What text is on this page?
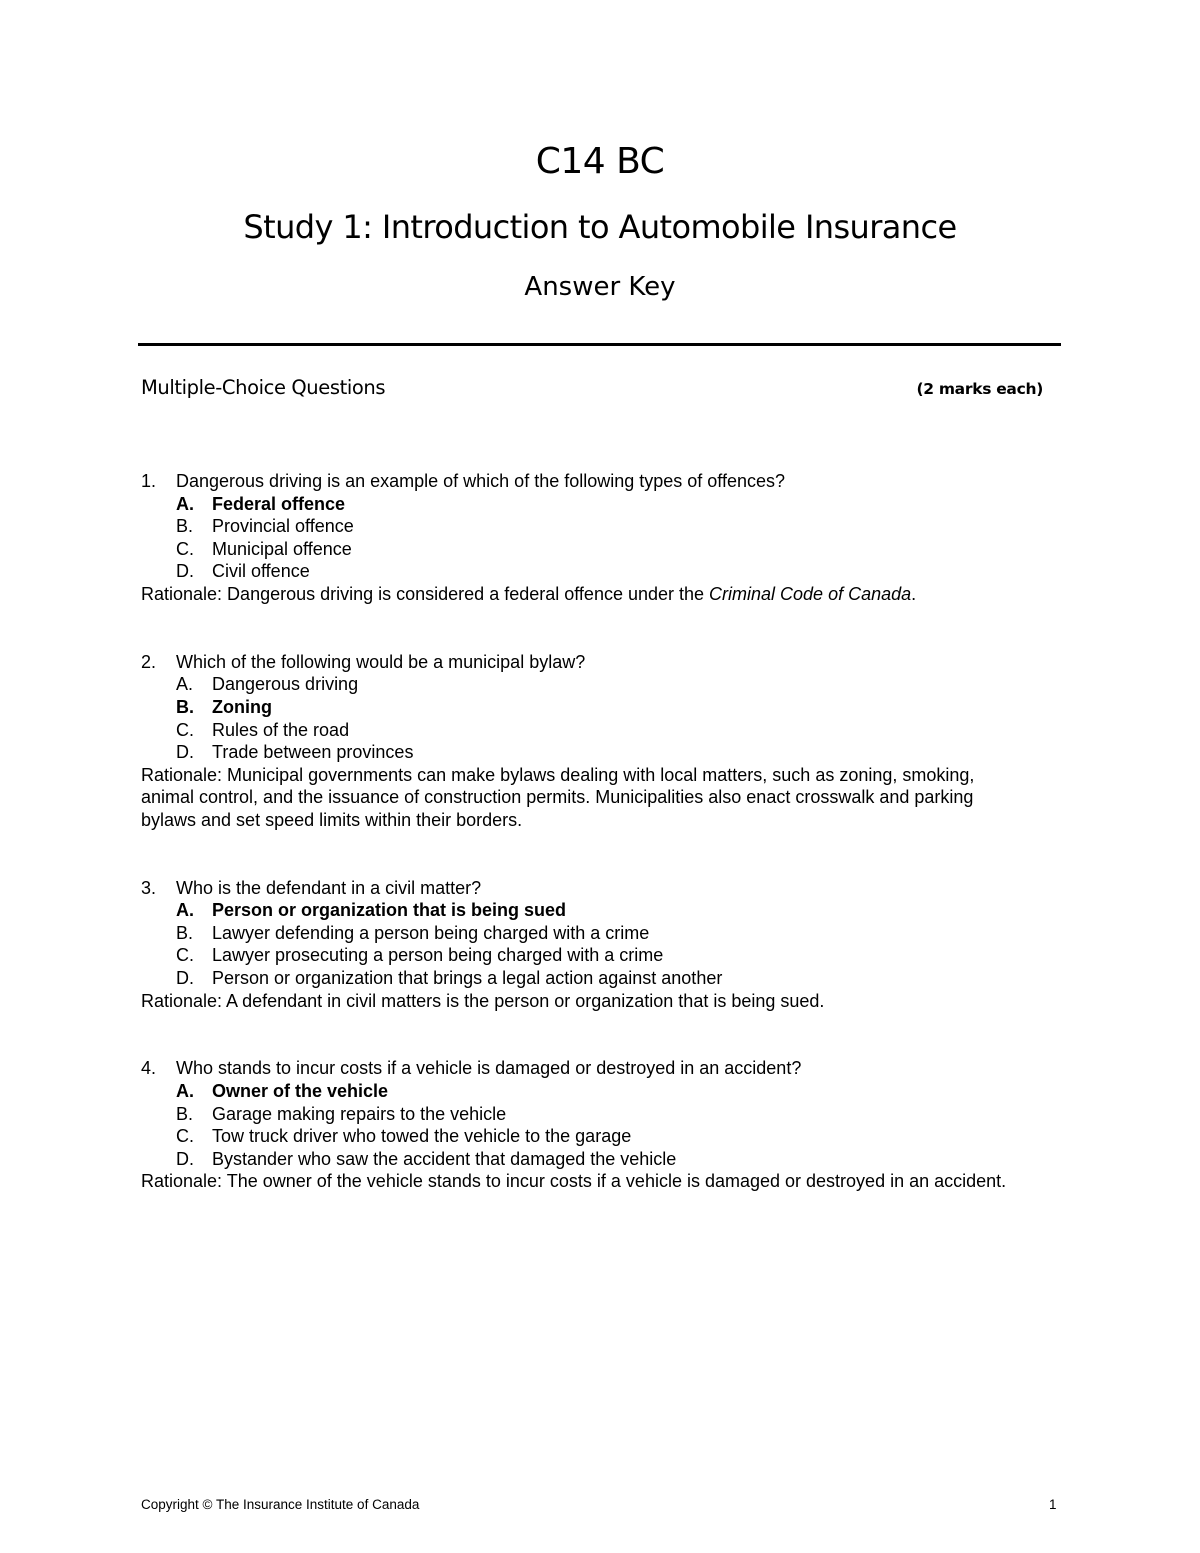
C14 BC
Study 1: Introduction to Automobile Insurance
Answer Key
Multiple-Choice Questions	(2 marks each)
1. Dangerous driving is an example of which of the following types of offences?
A. Federal offence
B. Provincial offence
C. Municipal offence
D. Civil offence
Rationale: Dangerous driving is considered a federal offence under the Criminal Code of Canada.
2. Which of the following would be a municipal bylaw?
A. Dangerous driving
B. Zoning
C. Rules of the road
D. Trade between provinces
Rationale: Municipal governments can make bylaws dealing with local matters, such as zoning, smoking,
animal control, and the issuance of construction permits. Municipalities also enact crosswalk and parking
bylaws and set speed limits within their borders.
3. Who is the defendant in a civil matter?
A. Person or organization that is being sued
B. Lawyer defending a person being charged with a crime
C. Lawyer prosecuting a person being charged with a crime
D. Person or organization that brings a legal action against another
Rationale: A defendant in civil matters is the person or organization that is being sued.
4. Who stands to incur costs if a vehicle is damaged or destroyed in an accident?
A. Owner of the vehicle
B. Garage making repairs to the vehicle
C. Tow truck driver who towed the vehicle to the garage
D. Bystander who saw the accident that damaged the vehicle
Rationale: The owner of the vehicle stands to incur costs if a vehicle is damaged or destroyed in an accident.
Copyright © The Insurance Institute of Canada	1
